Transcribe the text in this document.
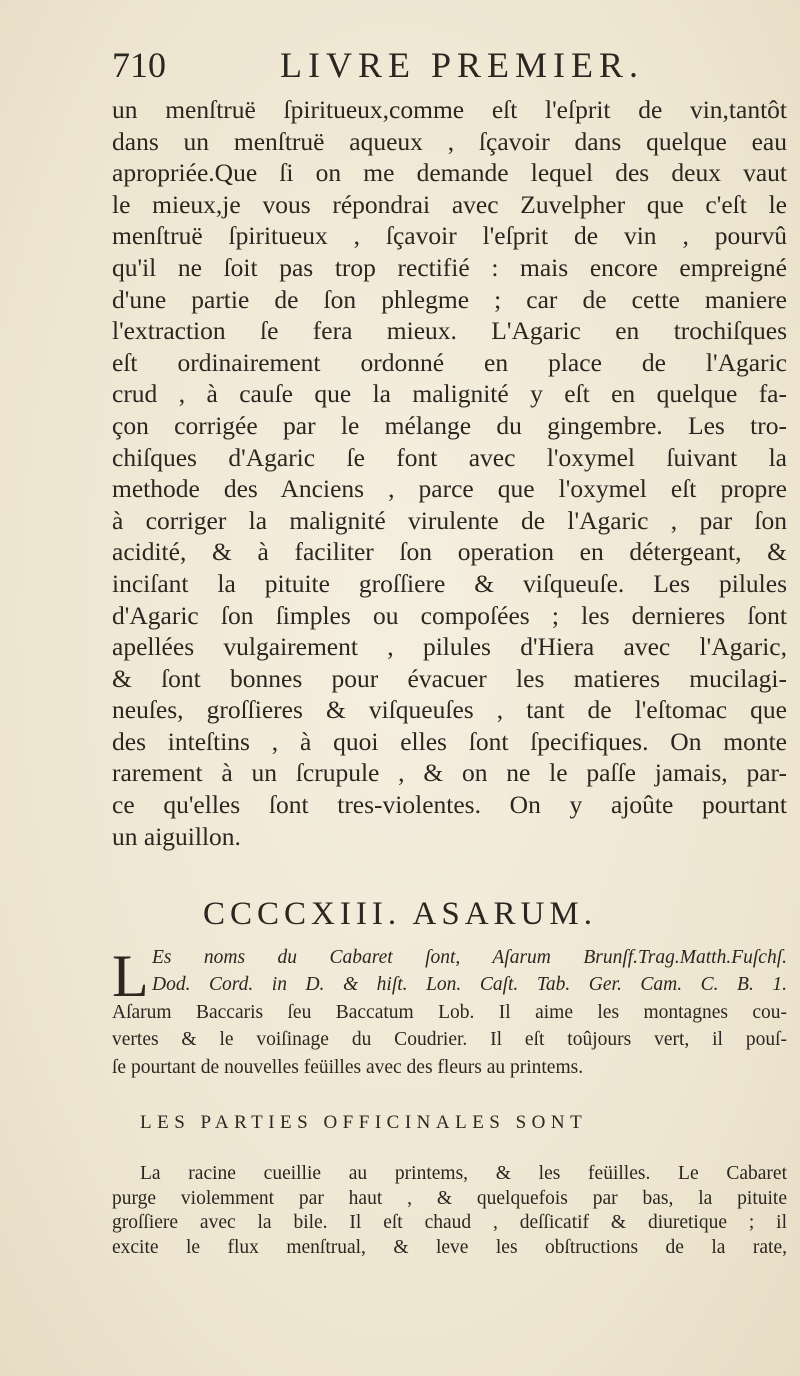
710	LIVRE PREMIER.
un menſtruë ſpiritueux,comme eſt l'eſprit de vin,tantôt
dans un menſtruë aqueux , ſçavoir dans quelque eau
apropriée.Que ſi on me demande lequel des deux vaut
le mieux,je vous répondrai avec Zuvelpher que c'eſt le
menſtruë ſpiritueux , ſçavoir l'eſprit de vin , pourvû
qu'il ne ſoit pas trop rectifié : mais encore empreigné
d'une partie de ſon phlegme ; car de cette maniere
l'extraction ſe fera mieux. L'Agaric en trochiſques
eſt ordinairement ordonné en place de l'Agaric
crud , à cauſe que la malignité y eſt en quelque fa-
çon corrigée par le mélange du gingembre. Les tro-
chiſques d'Agaric ſe font avec l'oxymel ſuivant la
methode des Anciens , parce que l'oxymel eſt propre
à corriger la malignité virulente de l'Agaric , par ſon
acidité, & à faciliter ſon operation en détergeant, &
inciſant la pituite groſſiere & viſqueuſe. Les pilules
d'Agaric ſon ſimples ou compoſées ; les dernieres ſont
apellées vulgairement , pilules d'Hiera avec l'Agaric,
& ſont bonnes pour évacuer les matieres mucilagi-
neuſes, groſſieres & viſqueuſes , tant de l'eſtomac que
des inteſtins , à quoi elles ſont ſpecifiques. On monte
rarement à un ſcrupule , & on ne le paſſe jamais, par-
ce qu'elles ſont tres-violentes. On y ajoûte pourtant
un aiguillon.
CCCCXIII. ASARUM.
L Es noms du Cabaret ſont, Aſarum Brunſf.Trag.Matth.Fuſchſ.
Dod. Cord. in D. & hiſt. Lon. Caſt. Tab. Ger. Cam. C. B. 1.
Aſarum Baccaris ſeu Baccatum Lob. Il aime les montagnes cou-
vertes & le voiſinage du Coudrier. Il eſt toûjours vert, il pouſ-
ſe pourtant de nouvelles feüilles avec des fleurs au printems.
LES PARTIES OFFICINALES SONT
La racine cueillie au printems, & les feüilles. Le Cabaret
purge violemment par haut , & quelquefois par bas, la pituite
groſſiere avec la bile. Il eſt chaud , deſſicatif & diuretique ; il
excite le flux menſtrual, & leve les obſtructions de la rate,
